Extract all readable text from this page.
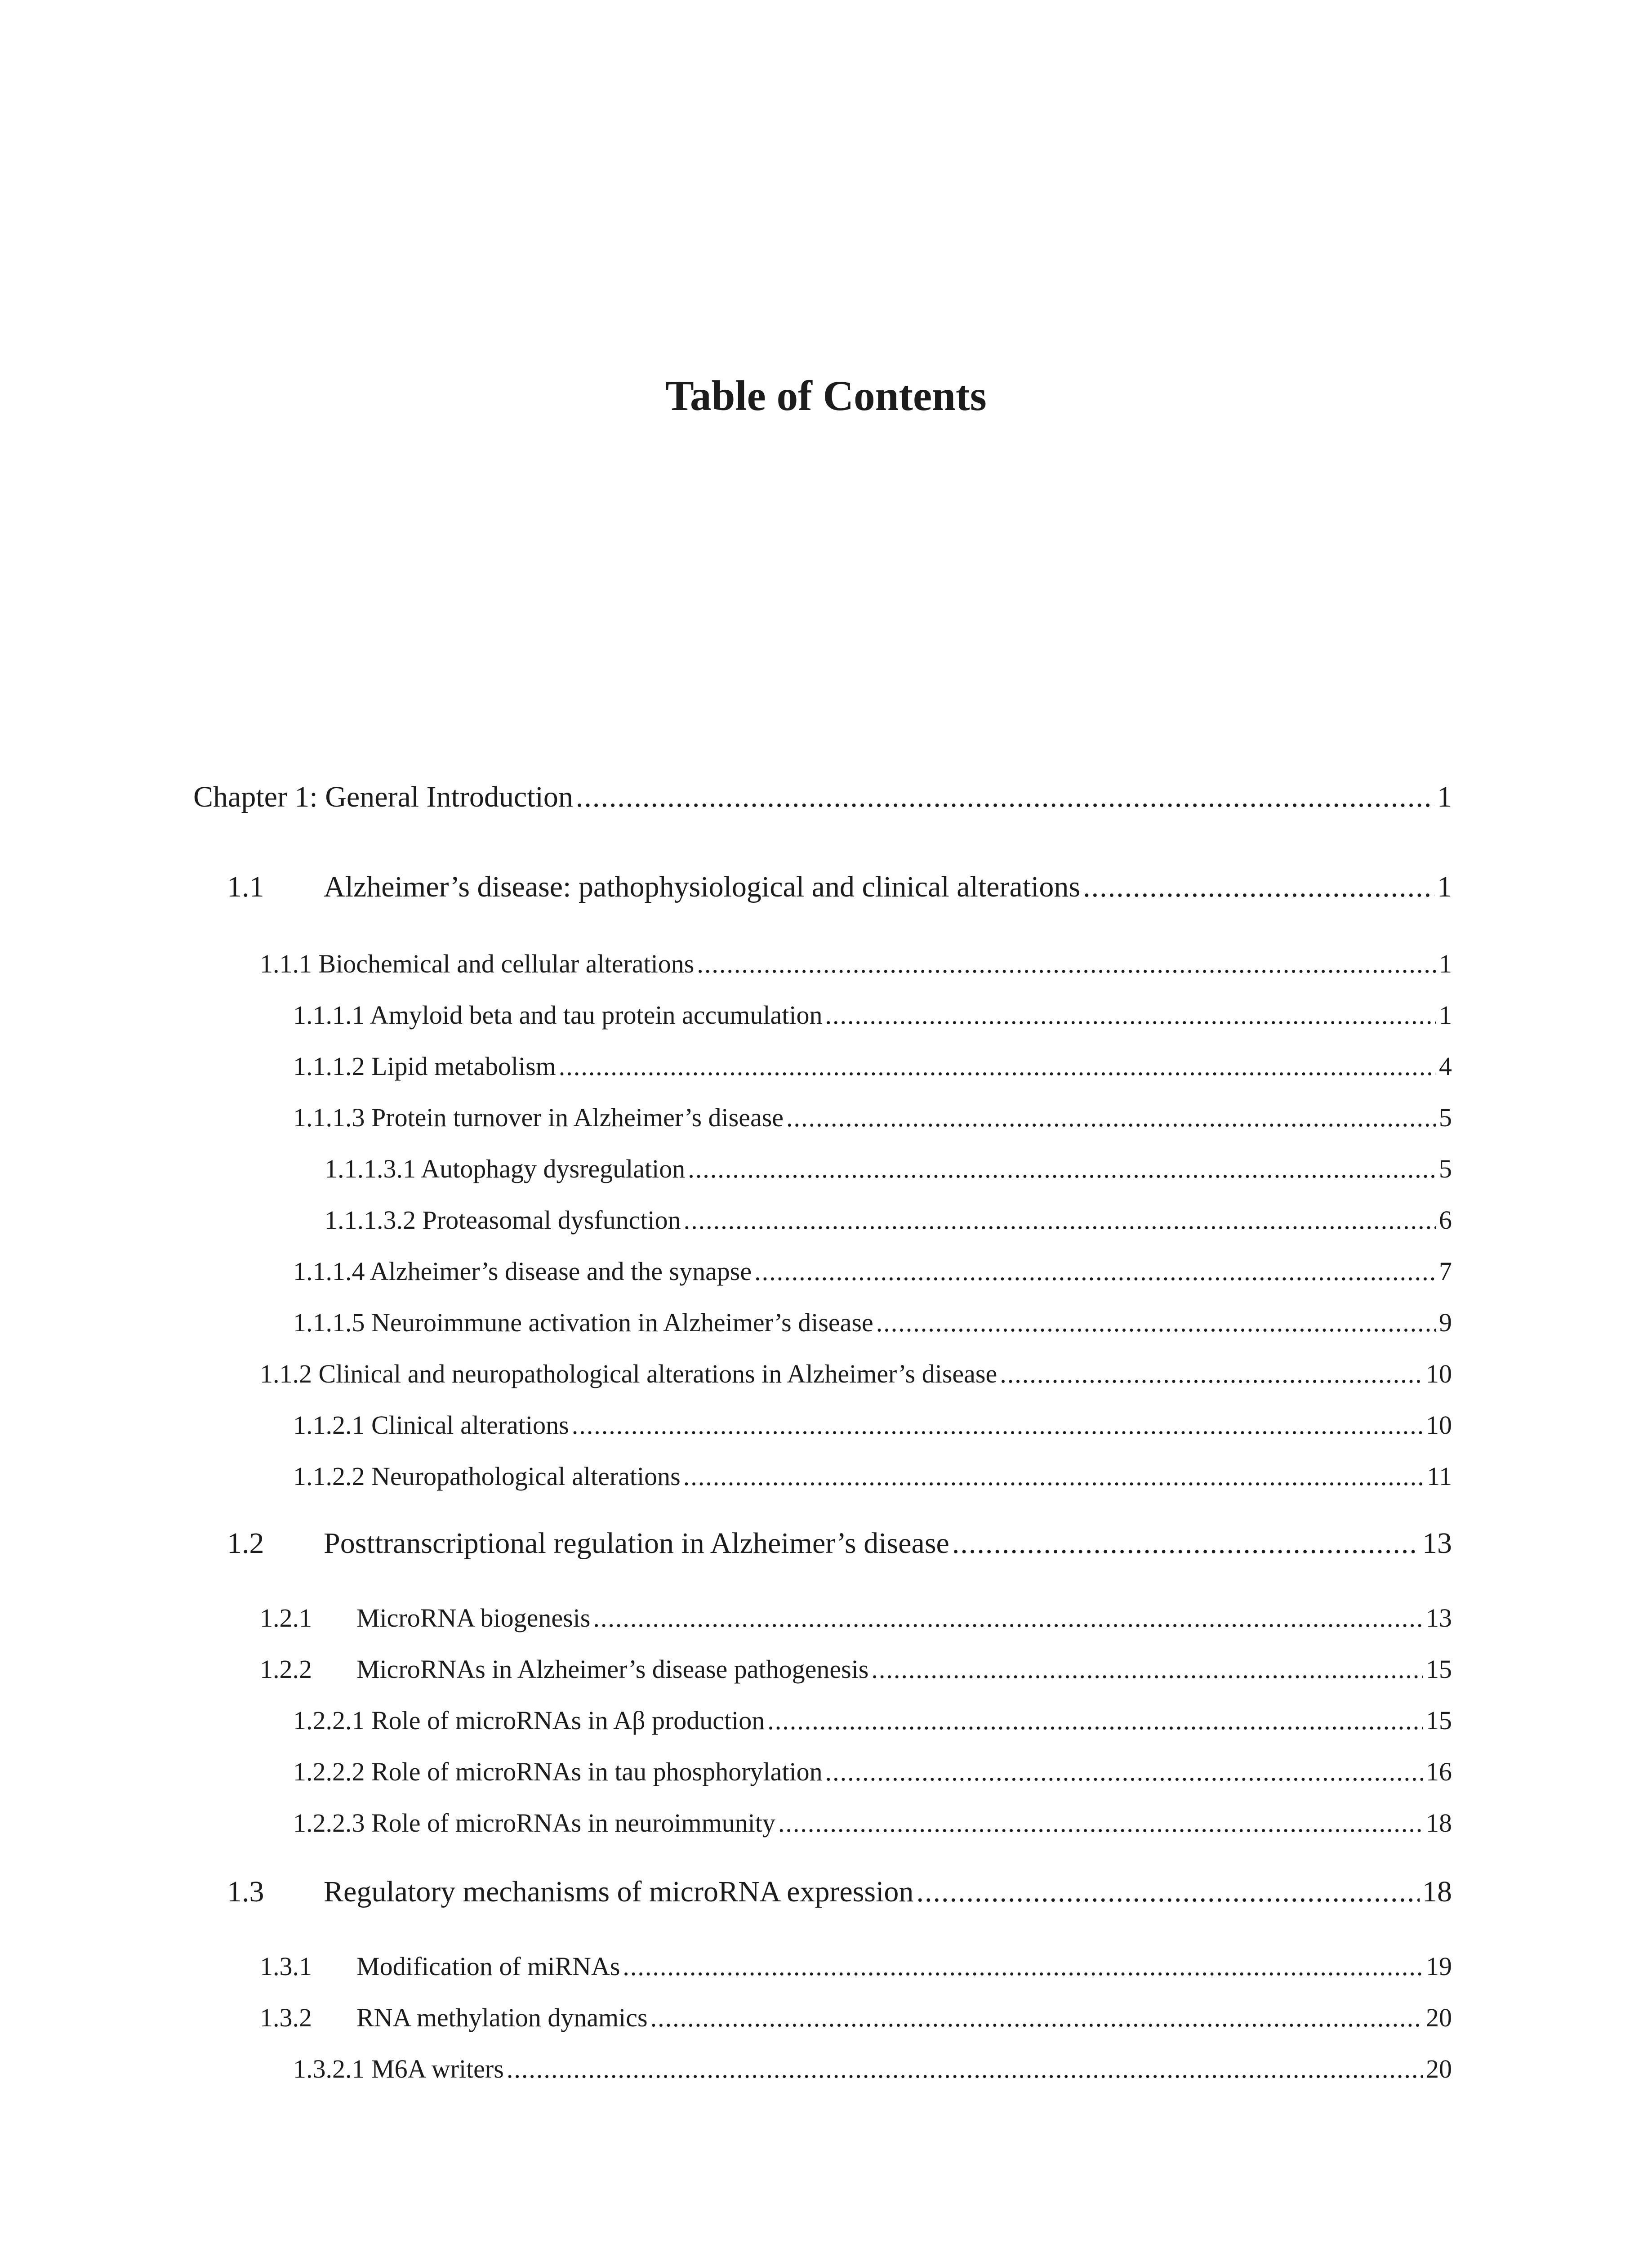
Table of Contents
Chapter 1: General Introduction .....	1
1.1	Alzheimer’s disease: pathophysiological and clinical alterations .....	1
1.1.1 Biochemical and cellular alterations .....	1
1.1.1.1 Amyloid beta and tau protein accumulation .....	1
1.1.1.2 Lipid metabolism .....	4
1.1.1.3 Protein turnover in Alzheimer’s disease .....	5
1.1.1.3.1 Autophagy dysregulation .....	5
1.1.1.3.2 Proteasomal dysfunction .....	6
1.1.1.4 Alzheimer’s disease and the synapse .....	7
1.1.1.5 Neuroimmune activation in Alzheimer’s disease .....	9
1.1.2 Clinical and neuropathological alterations in Alzheimer’s disease .....	10
1.1.2.1 Clinical alterations .....	10
1.1.2.2 Neuropathological alterations .....	11
1.2	Posttranscriptional regulation in Alzheimer’s disease .....	13
1.2.1	MicroRNA biogenesis .....	13
1.2.2	MicroRNAs in Alzheimer’s disease pathogenesis .....	15
1.2.2.1 Role of microRNAs in Aβ production .....	15
1.2.2.2 Role of microRNAs in tau phosphorylation .....	16
1.2.2.3 Role of microRNAs in neuroimmunity .....	18
1.3	Regulatory mechanisms of microRNA expression .....	18
1.3.1	Modification of miRNAs .....	19
1.3.2	RNA methylation dynamics .....	20
1.3.2.1 M6A writers .....	20
